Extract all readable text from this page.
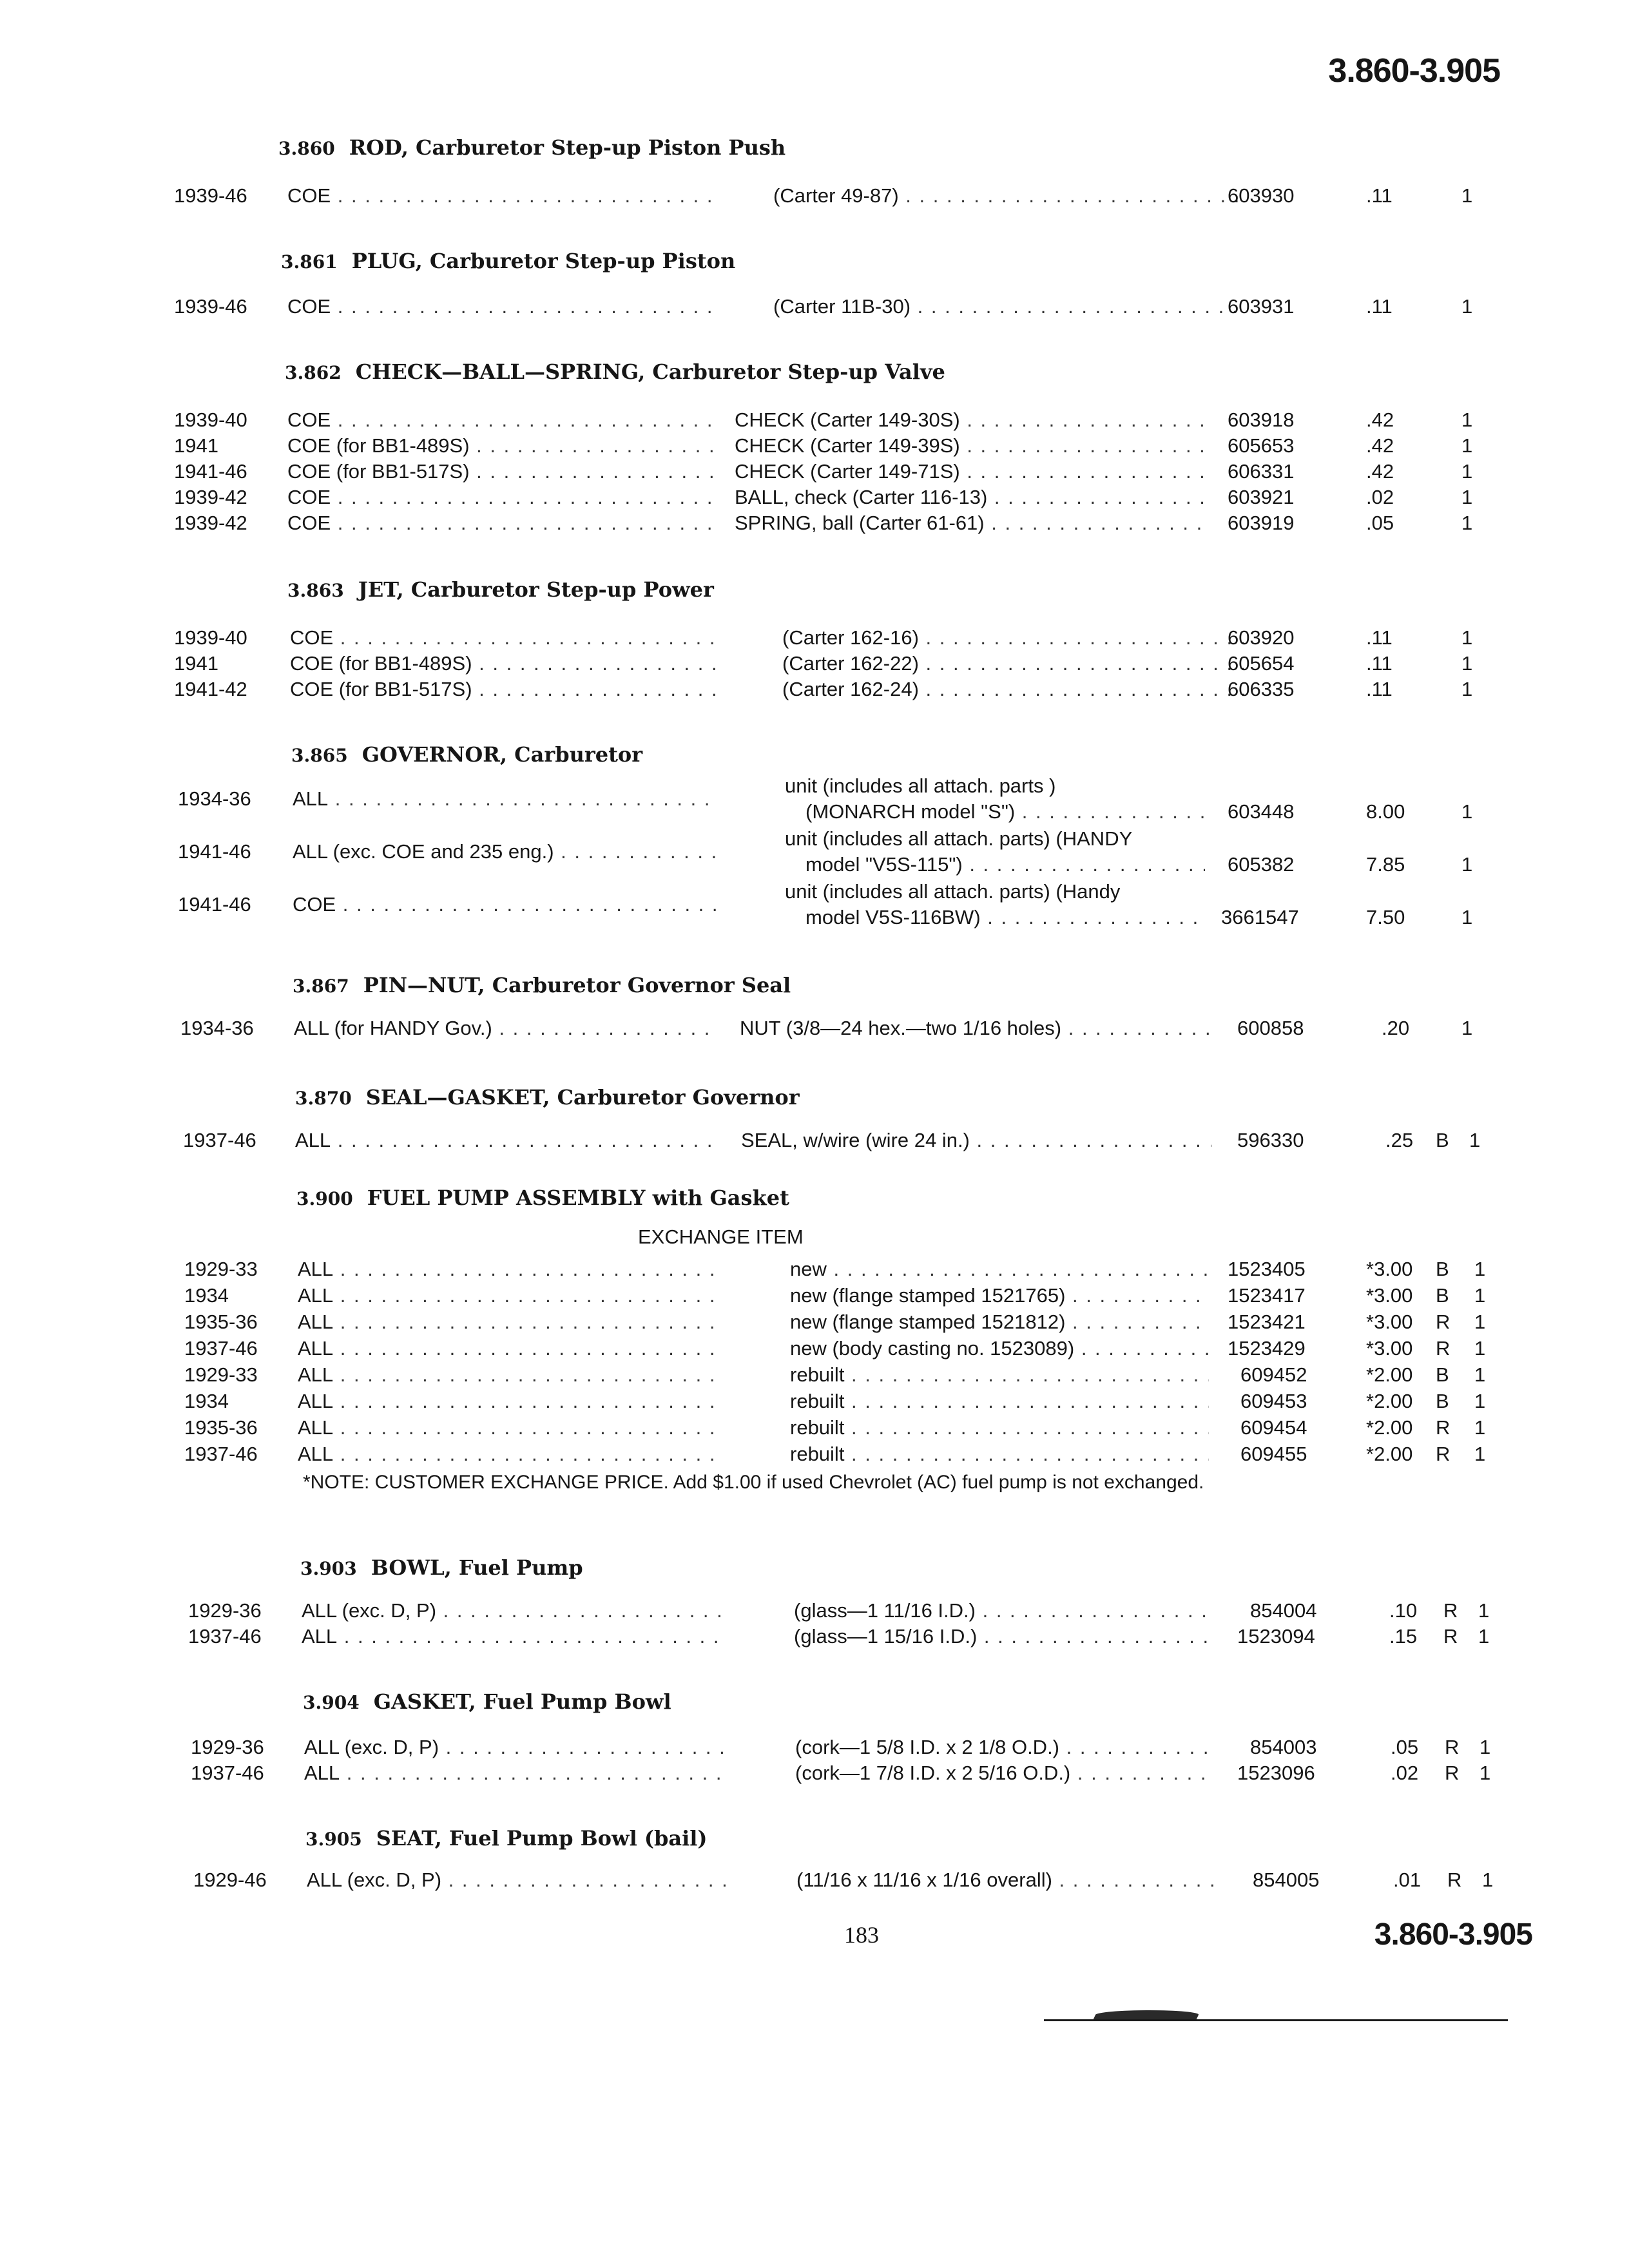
3.860-3.905
3.860 ROD, Carburetor Step-up Piston Push
1939-46 COE . . .	(Carter 49-87) . . .	603930	.11	1
3.861 PLUG, Carburetor Step-up Piston
1939-46 COE . . .	(Carter 11B-30) . . .	603931	.11	1
3.862 CHECK—BALL—SPRING, Carburetor Step-up Valve
1939-40 COE . . .	CHECK (Carter 149-30S) . . .	603918	.42	1
1941	COE (for BB1-489S) . . .	CHECK (Carter 149-39S) . . .	605653	.42	1
1941-46 COE (for BB1-517S) . . .	CHECK (Carter 149-71S) . . .	606331	.42	1
1939-42 COE . . .	BALL, check (Carter 116-13) . . .	603921	.02	1
1939-42 COE . . .	SPRING, ball (Carter 61-61) . . .	603919	.05	1
3.863 JET, Carburetor Step-up Power
1939-40 COE . . .	(Carter 162-16) . . .	603920	.11	1
1941	COE (for BB1-489S) . . .	(Carter 162-22) . . .	605654	.11	1
1941-42 COE (for BB1-517S) . . .	(Carter 162-24) . . .	606335	.11	1
3.865 GOVERNOR, Carburetor
1934-36 ALL . . .
unit (includes all attach. parts )
(MONARCH model "S") . . .	603448	8.00	1
1941-46 ALL (exc. COE and 235 eng.) . . .
unit (includes all attach. parts) (HANDY
model "V5S-115") . . .	605382	7.85	1
1941-46 COE . . .
unit (includes all attach. parts) (Handy
model V5S-116BW) . . .	3661547	7.50	1
3.867 PIN—NUT, Carburetor Governor Seal
1934-36 ALL (for HANDY Gov.) . . .	NUT (3/8—24 hex.—two 1/16 holes) . . .	600858	.20	1
3.870 SEAL—GASKET, Carburetor Governor
1937-46 ALL . . .	SEAL, w/wire (wire 24 in.) . . .	596330	.25 B 1
3.900 FUEL PUMP ASSEMBLY with Gasket
EXCHANGE ITEM
1929-33 ALL . . .	new . . .	1523405	*3.00 B 1
1934	ALL . . .	new (flange stamped 1521765) . . .	1523417	*3.00 B 1
1935-36 ALL . . .	new (flange stamped 1521812) . . .	1523421	*3.00 R 1
1937-46 ALL . . .	new (body casting no. 1523089) . . .	1523429	*3.00 R 1
1929-33 ALL . . .	rebuilt . . .	609452	*2.00 B 1
1934	ALL . . .	rebuilt . . .	609453	*2.00 B 1
1935-36 ALL . . .	rebuilt . . .	609454	*2.00 R 1
1937-46 ALL . . .	rebuilt . . .	609455	*2.00 R 1
*NOTE: CUSTOMER EXCHANGE PRICE. Add $1.00 if used Chevrolet (AC) fuel pump is not exchanged.
3.903 BOWL, Fuel Pump
1929-36 ALL (exc. D, P) . . .	(glass—1 11/16 I.D.) . . .	854004	.10 R 1
1937-46 ALL . . .	(glass—1 15/16 I.D.) . . .	1523094	.15 R 1
3.904 GASKET, Fuel Pump Bowl
1929-36 ALL (exc. D, P) . . .	(cork—1 5/8 I.D. x 2 1/8 O.D.) . . .	854003	.05 R 1
1937-46 ALL . . .	(cork—1 7/8 I.D. x 2 5/16 O.D.) . . .	1523096	.02 R 1
3.905 SEAT, Fuel Pump Bowl (bail)
1929-46 ALL (exc. D, P) . . .	(11/16 x 11/16 x 1/16 overall) . . .	854005	.01 R 1
183	3.860-3.905
